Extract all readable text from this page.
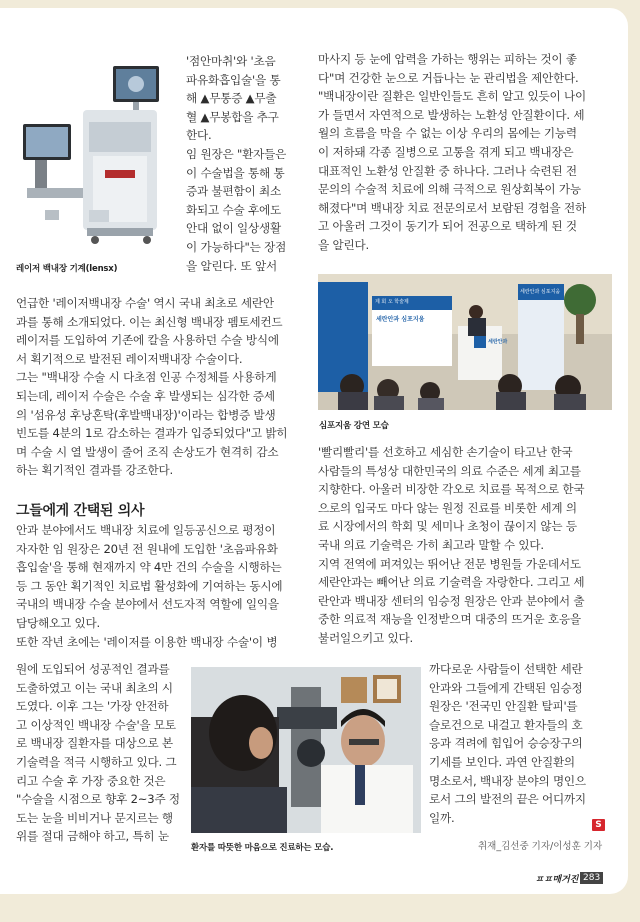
레이저 백내장 기계(lensx)

'점안마취'와 '초음
파유화흡입술'을 통
해 ▲무통증 ▲무출
혈 ▲무봉합을 추구
한다.
임 원장은 "환자들은
이 수술법을 통해 통
증과 불편함이 최소
화되고 수술 후에도
안대 없이 일상생활
이 가능하다"는 장점
을 알린다. 또 앞서

언급한 '레이저백내장 수술' 역시 국내 최초로 세란안
과를 통해 소개되었다. 이는 최신형 백내장 펨토세컨드
레이저를 도입하여 기존에 칼을 사용하던 수술 방식에
서 획기적으로 발전된 레이저백내장 수술이다.
그는 "백내장 수술 시 다초점 인공 수정체를 사용하게
되는데, 레이저 수술은 수술 후 발생되는 심각한 증세
의 '섬유성 후낭혼탁(후발백내장)'이라는 합병증 발생
빈도를 4분의 1로 감소하는 결과가 입증되었다"고 밝히
며 수술 시 열 발생이 줄어 조직 손상도가 현격히 감소
하는 획기적인 결과를 강조한다.

그들에게 간택된 의사

안과 분야에서도 백내장 치료에 일등공신으로 평정이
자자한 임 원장은 20년 전 원내에 도입한 '초음파유화
흡입술'을 통해 현재까지 약 4만 건의 수술을 시행하는
등 그 동안 획기적인 치료법 활성화에 기여하는 동시에
국내의 백내장 수술 분야에서 선도자적 역할에 일익을
담당해오고 있다.
또한 작년 초에는 '레이저를 이용한 백내장 수술'이 병

원에 도입되어 성공적인 결과를
도출하였고 이는 국내 최초의 시
도였다. 이후 그는 '가장 안전하
고 이상적인 백내장 수술'을 모토
로 백내장 질환자를 대상으로 본
기술력을 적극 시행하고 있다. 그
리고 수술 후 가장 중요한 것은
"수술을 시점으로 향후 2~3주 정
도는 눈을 비비거나 문지르는 행
위를 절대 금해야 하고, 특히 눈

마사지 등 눈에 압력을 가하는 행위는 피하는 것이 좋
다"며 건강한 눈으로 거듭나는 눈 관리법을 제안한다.
"백내장이란 질환은 일반인들도 흔히 알고 있듯이 나이
가 들면서 자연적으로 발생하는 노환성 안질환이다. 세
월의 흐름을 막을 수 없는 이상 우리의 몸에는 기능력
이 저하돼 각종 질병으로 고통을 겪게 되고 백내장은
대표적인 노환성 안질환 중 하나다. 그러나 숙련된 전
문의의 수술적 치료에 의해 극적으로 원상회복이 가능
해졌다"며 백내장 치료 전문의로서 보람된 경험을 전하
고 아울러 그것이 동기가 되어 전공으로 택하게 된 것
을 알린다.

제 회 오 학술제
세란안과 심포지움
세란안과 심포지움
세란안과
심포지움 강연 모습

'빨리빨리'를 선호하고 세심한 손기술이 타고난 한국
사람들의 특성상 대한민국의 의료 수준은 세계 최고를
지향한다. 아울러 비장한 각오로 치료를 목적으로 한국
으로의 입국도 마다 않는 원정 진료를 비롯한 세계 의
료 시장에서의 학회 및 세미나 초청이 끊이지 않는 등
국내 의료 기술력은 가히 최고라 말할 수 있다.
지역 전역에 퍼져있는 뛰어난 전문 병원들 가운데서도
세란안과는 빼어난 의료 기술력을 자랑한다. 그리고 세
란안과 백내장 센터의 임승정 원장은 안과 분야에서 출
중한 의료적 재능을 인정받으며 대중의 뜨거운 호응을
불러일으키고 있다.

까다로운 사람들이 선택한 세란
안과와 그들에게 간택된 임승정
원장은 '전국민 안질환 탈피'를
슬로건으로 내걸고 환자들의 호
응과 격려에 힘입어 승승장구의
기세를 보인다. 과연 안질환의
명소로서, 백내장 분야의 명인으
로서 그의 발전의 끝은 어디까지
일까.

S
환자를 따뜻한 마음으로 진료하는 모습.	취재_김선중 기자/이성훈 기자
ㅍㅍ매거진 283
